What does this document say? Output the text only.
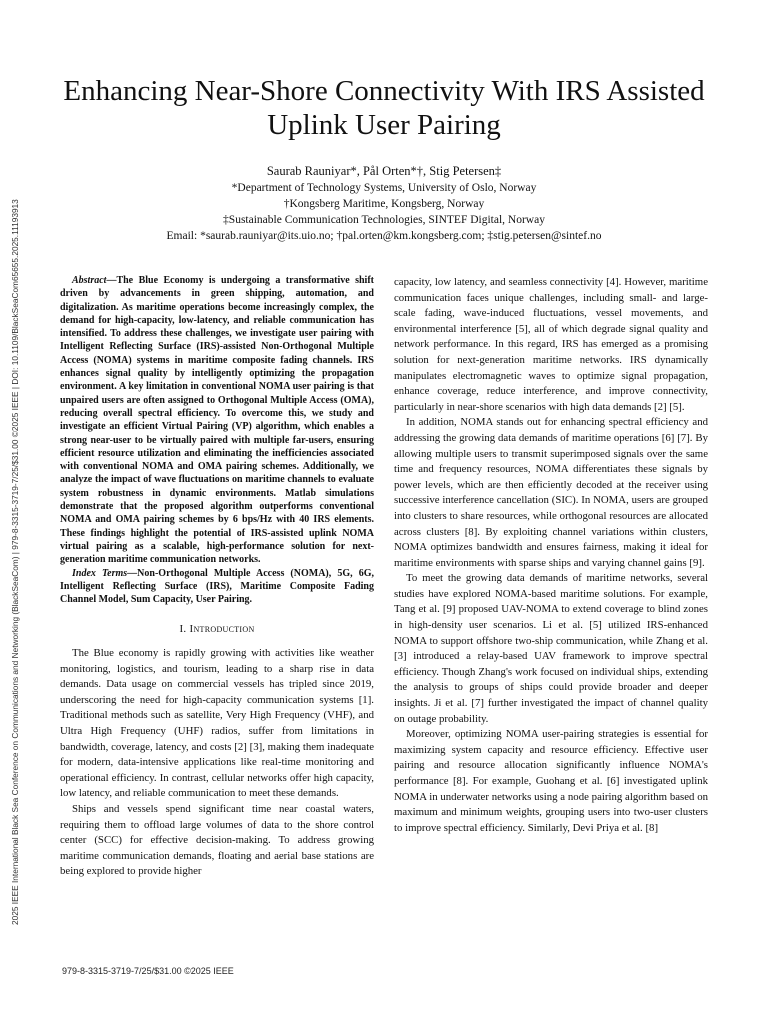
2025 IEEE International Black Sea Conference on Communications and Networking (BlackSeaCom) | 979-8-3315-3719-7/25/$31.00 ©2025 IEEE | DOI: 10.1109/BlackSeaCom65655.2025.11193913
Enhancing Near-Shore Connectivity With IRS Assisted Uplink User Pairing
Saurab Rauniyar*, Pål Orten*†, Stig Petersen‡
*Department of Technology Systems, University of Oslo, Norway
†Kongsberg Maritime, Kongsberg, Norway
‡Sustainable Communication Technologies, SINTEF Digital, Norway
Email: *saurab.rauniyar@its.uio.no; †pal.orten@km.kongsberg.com; ‡stig.petersen@sintef.no

Abstract—The Blue Economy is undergoing a transformative shift driven by advancements in green shipping, automation, and digitalization. As maritime operations become increasingly complex, the demand for high-capacity, low-latency, and reliable communication has intensified. To address these challenges, we investigate user pairing with Intelligent Reflecting Surface (IRS)-assisted Non-Orthogonal Multiple Access (NOMA) systems in maritime composite fading channels. IRS enhances signal quality by intelligently optimizing the propagation environment. A key limitation in conventional NOMA user pairing is that unpaired users are often assigned to Orthogonal Multiple Access (OMA), reducing overall spectral efficiency. To overcome this, we study and investigate an efficient Virtual Pairing (VP) algorithm, which enables a strong near-user to be virtually paired with multiple far-users, ensuring efficient resource utilization and eliminating the inefficiencies associated with conventional NOMA and OMA pairing schemes. Additionally, we analyze the impact of wave fluctuations on maritime channels to evaluate system robustness in dynamic environments. Matlab simulations demonstrate that the proposed algorithm outperforms conventional NOMA and OMA pairing schemes by 6 bps/Hz with 40 IRS elements. These findings highlight the potential of IRS-assisted uplink NOMA virtual pairing as a scalable, high-performance solution for next-generation maritime communication networks.

Index Terms—Non-Orthogonal Multiple Access (NOMA), 5G, 6G, Intelligent Reflecting Surface (IRS), Maritime Composite Fading Channel Model, Sum Capacity, User Pairing.

I. Introduction

The Blue economy is rapidly growing with activities like weather monitoring, logistics, and tourism, leading to a sharp rise in data demands. Data usage on commercial vessels has tripled since 2019, underscoring the need for high-capacity communication systems [1]. Traditional methods such as satellite, Very High Frequency (VHF), and Ultra High Frequency (UHF) radios, suffer from limitations in bandwidth, coverage, latency, and costs [2] [3], making them inadequate for modern, data-intensive applications like real-time monitoring and operational efficiency. In contrast, cellular networks offer high capacity, low latency, and reliable communication to meet these demands.

Ships and vessels spend significant time near coastal waters, requiring them to offload large volumes of data to the shore control center (SCC) for effective decision-making. To address growing maritime communication demands, floating and aerial base stations are being explored to provide higher

capacity, low latency, and seamless connectivity [4]. However, maritime communication faces unique challenges, including small- and large-scale fading, wave-induced fluctuations, vessel movements, and environmental interference [5], all of which degrade signal quality and network performance. In this regard, IRS has emerged as a promising solution for next-generation maritime networks. IRS dynamically manipulates electromagnetic waves to optimize signal propagation, enhance coverage, reduce interference, and improve connectivity, particularly in near-shore scenarios with high data demands [2] [5].

In addition, NOMA stands out for enhancing spectral efficiency and addressing the growing data demands of maritime operations [6] [7]. By allowing multiple users to transmit superimposed signals over the same time and frequency resources, NOMA differentiates these signals by power levels, which are then efficiently decoded at the receiver using successive interference cancellation (SIC). In NOMA, users are grouped into clusters to share resources, while orthogonal resources are allocated across clusters [8]. By exploiting channel variations within clusters, NOMA optimizes bandwidth and ensures fairness, making it ideal for maritime environments with sparse ships and varying channel gains [9].

To meet the growing data demands of maritime networks, several studies have explored NOMA-based maritime solutions. For example, Tang et al. [9] proposed UAV-NOMA to extend coverage to blind zones in high-density user scenarios. Li et al. [5] utilized IRS-enhanced NOMA to support offshore two-ship communication, while Zhang et al. [3] introduced a relay-based UAV framework to improve spectral efficiency. Though Zhang's work focused on individual ships, extending the analysis to groups of ships could provide broader and deeper insights. Ji et al. [7] further investigated the impact of channel quality on outage probability.

Moreover, optimizing NOMA user-pairing strategies is essential for maximizing system capacity and resource efficiency. Effective user pairing and resource allocation significantly influence NOMA's performance [8]. For example, Guohang et al. [6] investigated uplink NOMA in underwater networks using a node pairing algorithm based on maximum and minimum weights, grouping users into two-user clusters to improve spectral efficiency. Similarly, Devi Priya et al. [8]

979-8-3315-3719-7/25/$31.00 ©2025 IEEE
